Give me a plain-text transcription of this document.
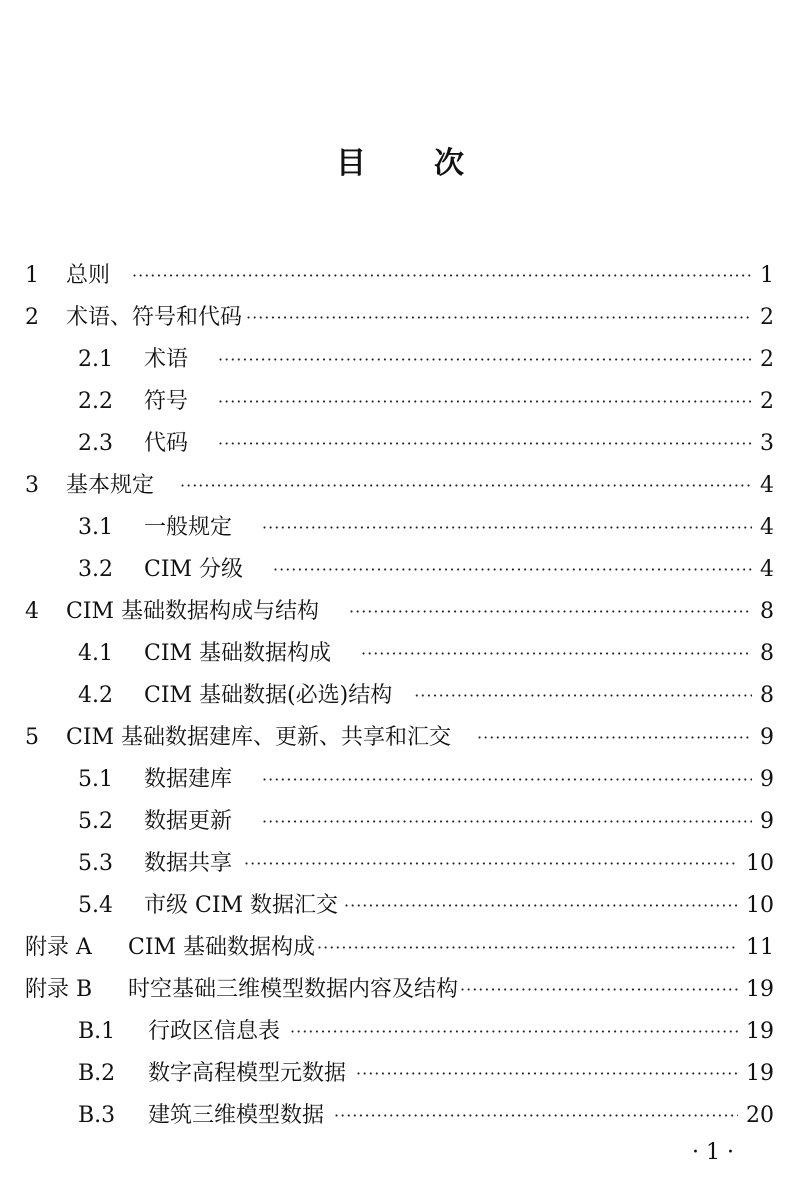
目 次
1	总则 ·····	1
2	术语、符号和代码 ·····	2
2.1	术语 ·····	2
2.2	符号 ·····	2
2.3	代码 ·····	3
3	基本规定 ·····	4
3.1	一般规定 ·····	4
3.2	CIM 分级 ·····	4
4	CIM 基础数据构成与结构 ·····	8
4.1	CIM 基础数据构成 ·····	8
4.2	CIM 基础数据(必选)结构 ·····	8
5	CIM 基础数据建库、更新、共享和汇交 ·····	9
5.1	数据建库 ·····	9
5.2	数据更新 ·····	9
5.3	数据共享 ·····	10
5.4	市级 CIM 数据汇交 ·····	10
附录 A	CIM 基础数据构成 ·····	11
附录 B	时空基础三维模型数据内容及结构 ·····	19
B.1	行政区信息表 ·····	19
B.2	数字高程模型元数据 ·····	19
B.3	建筑三维模型数据 ·····	20
· 1 ·
